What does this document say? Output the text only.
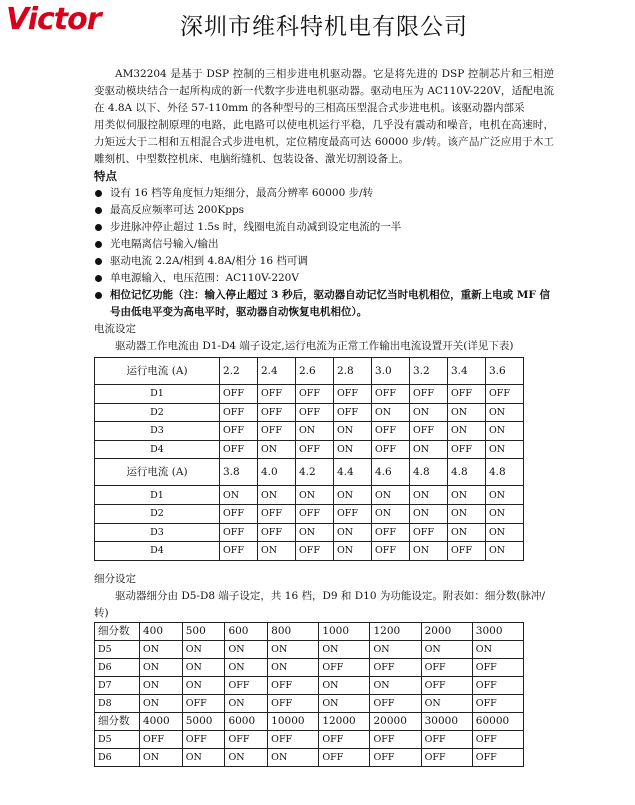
Victor	深圳市维科特机电有限公司

AM32204 是基于 DSP 控制的三相步进电机驱动器。它是将先进的 DSP 控制芯片和三相逆变驱动模块结合一起所构成的新一代数字步进电机驱动器。驱动电压为 AC110V-220V，适配电流在 4.8A 以下、外径 57-110mm 的各种型号的三相高压型混合式步进电机。该驱动器内部采

用类似伺服控制原理的电路，此电路可以使电机运行平稳，几乎没有震动和噪音，电机在高速时，力矩远大于二相和五相混合式步进电机，定位精度最高可达 60000 步/转。该产品广泛应用于木工雕刻机、中型数控机床、电脑绗缝机、包装设备、激光切割设备上。

特点

设有 16 档等角度恒力矩细分，最高分辨率 60000 步/转
最高反应频率可达 200Kpps
步进脉冲停止超过 1.5s 时，线圈电流自动减到设定电流的一半
光电隔离信号输入/输出
驱动电流 2.2A/相到 4.8A/相分 16 档可调
单电源输入，电压范围：AC110V-220V
相位记忆功能（注：输入停止超过 3 秒后，驱动器自动记忆当时电机相位，重新上电或 MF 信号由低电平变为高电平时，驱动器自动恢复电机相位）。

电流设定

驱动器工作电流由 D1-D4 端子设定,运行电流为正常工作输出电流设置开关(详见下表)

运行电流 (A)	2.2	2.4	2.6	2.8	3.0	3.2	3.4	3.6
D1	OFF	OFF	OFF	OFF	OFF	OFF	OFF	OFF
D2	OFF	OFF	OFF	OFF	ON	ON	ON	ON
D3	OFF	OFF	ON	ON	OFF	OFF	ON	ON
D4	OFF	ON	OFF	ON	OFF	ON	OFF	ON
运行电流 (A)	3.8	4.0	4.2	4.4	4.6	4.8	4.8	4.8
D1	ON	ON	ON	ON	ON	ON	ON	ON
D2	OFF	OFF	OFF	OFF	ON	ON	ON	ON
D3	OFF	OFF	ON	ON	OFF	OFF	ON	ON
D4	OFF	ON	OFF	ON	OFF	ON	OFF	ON

细分设定

驱动器细分由 D5-D8 端子设定，共 16 档，D9 和 D10 为功能设定。附表如：细分数(脉冲/转)

细分数	400	500	600	800	1000	1200	2000	3000
D5	ON	ON	ON	ON	ON	ON	ON	ON
D6	ON	ON	ON	ON	OFF	OFF	OFF	OFF
D7	ON	ON	OFF	OFF	ON	ON	OFF	OFF
D8	ON	OFF	ON	OFF	ON	OFF	ON	OFF
细分数	4000	5000	6000	10000	12000	20000	30000	60000
D5	OFF	OFF	OFF	OFF	OFF	OFF	OFF	OFF
D6	ON	ON	ON	ON	OFF	OFF	OFF	OFF
